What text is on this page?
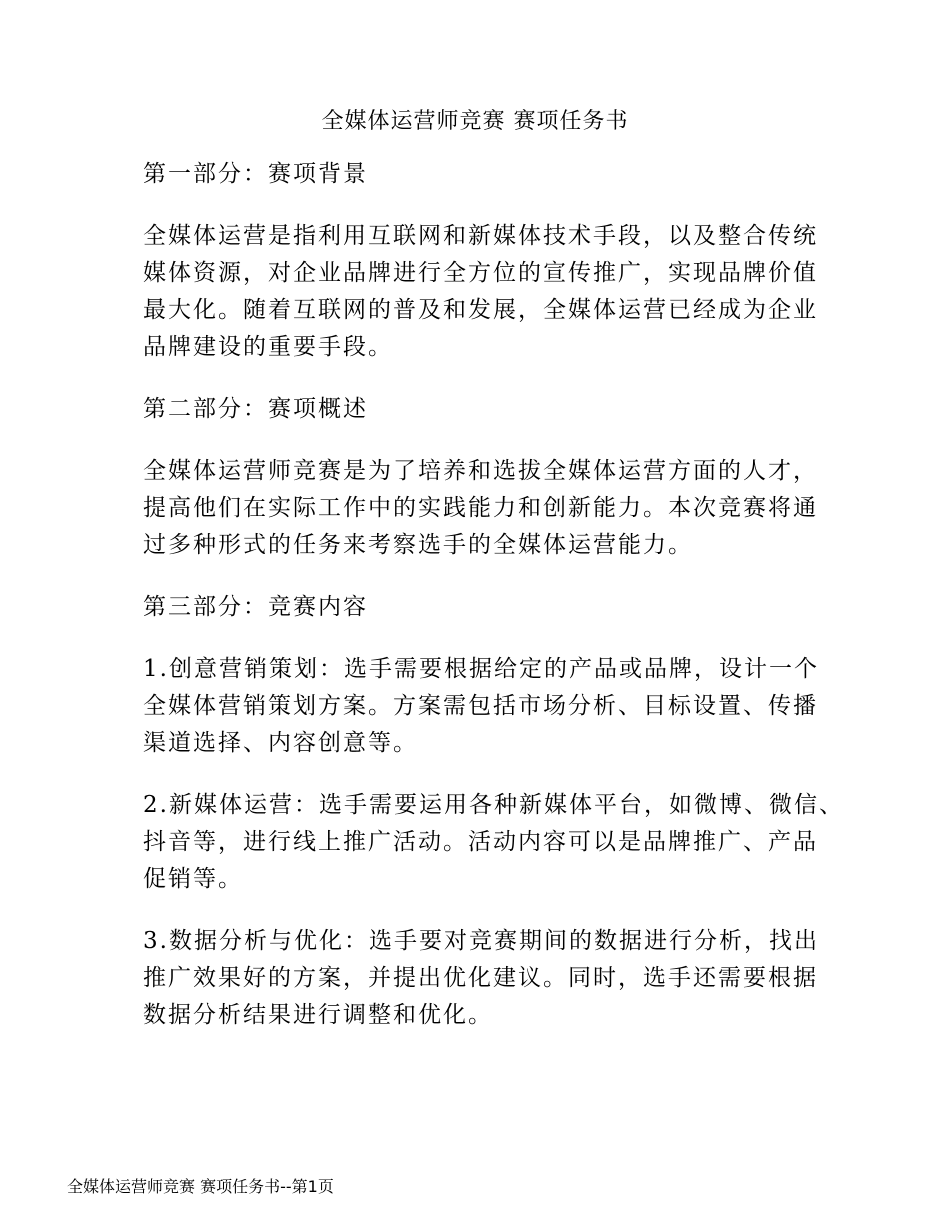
全媒体运营师竞赛 赛项任务书
第一部分：赛项背景
全媒体运营是指利用互联网和新媒体技术手段，以及整合传统
媒体资源，对企业品牌进行全方位的宣传推广，实现品牌价值
最大化。随着互联网的普及和发展，全媒体运营已经成为企业
品牌建设的重要手段。
第二部分：赛项概述
全媒体运营师竞赛是为了培养和选拔全媒体运营方面的人才，
提高他们在实际工作中的实践能力和创新能力。本次竞赛将通
过多种形式的任务来考察选手的全媒体运营能力。
第三部分：竞赛内容
1.创意营销策划：选手需要根据给定的产品或品牌，设计一个
全媒体营销策划方案。方案需包括市场分析、目标设置、传播
渠道选择、内容创意等。
2.新媒体运营：选手需要运用各种新媒体平台，如微博、微信、
抖音等，进行线上推广活动。活动内容可以是品牌推广、产品
促销等。
3.数据分析与优化：选手要对竞赛期间的数据进行分析，找出
推广效果好的方案，并提出优化建议。同时，选手还需要根据
数据分析结果进行调整和优化。
全媒体运营师竞赛 赛项任务书--第1页
